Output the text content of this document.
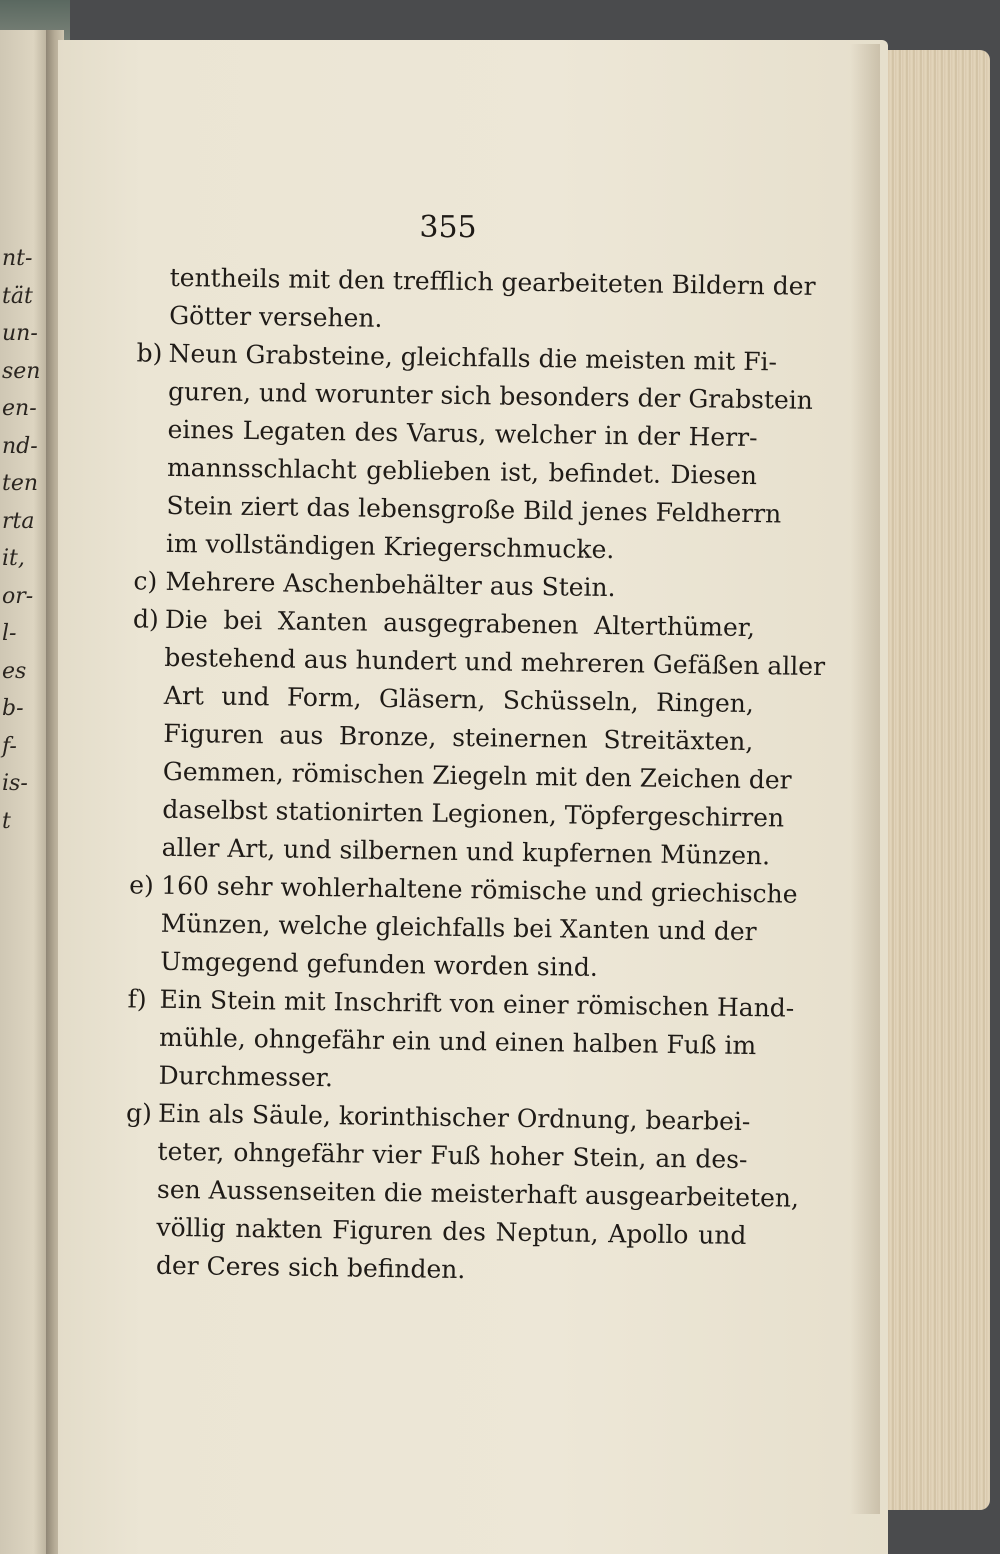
nt-
tät
un-
sen
en-
nd-
ten
rta
it,
or-
l-
es
b-
f-
is-
t
355
tentheils mit den trefflich gearbeiteten Bildern der
Götter versehen.
b) Neun Grabsteine, gleichfalls die meisten mit Fi-
guren, und worunter sich besonders der Grabstein
eines Legaten des Varus, welcher in der Herr-
mannsschlacht geblieben ist, befindet. Diesen
Stein ziert das lebensgroße Bild jenes Feldherrn
im vollständigen Kriegerschmucke.
c) Mehrere Aschenbehälter aus Stein.
d) Die bei Xanten ausgegrabenen Alterthümer,
bestehend aus hundert und mehreren Gefäßen aller
Art und Form, Gläsern, Schüsseln, Ringen,
Figuren aus Bronze, steinernen Streitäxten,
Gemmen, römischen Ziegeln mit den Zeichen der
daselbst stationirten Legionen, Töpfergeschirren
aller Art, und silbernen und kupfernen Münzen.
e) 160 sehr wohlerhaltene römische und griechische
Münzen, welche gleichfalls bei Xanten und der
Umgegend gefunden worden sind.
f) Ein Stein mit Inschrift von einer römischen Hand-
mühle, ohngefähr ein und einen halben Fuß im
Durchmesser.
g) Ein als Säule, korinthischer Ordnung, bearbei-
teter, ohngefähr vier Fuß hoher Stein, an des-
sen Aussenseiten die meisterhaft ausgearbeiteten,
völlig nakten Figuren des Neptun, Apollo und
der Ceres sich befinden.
